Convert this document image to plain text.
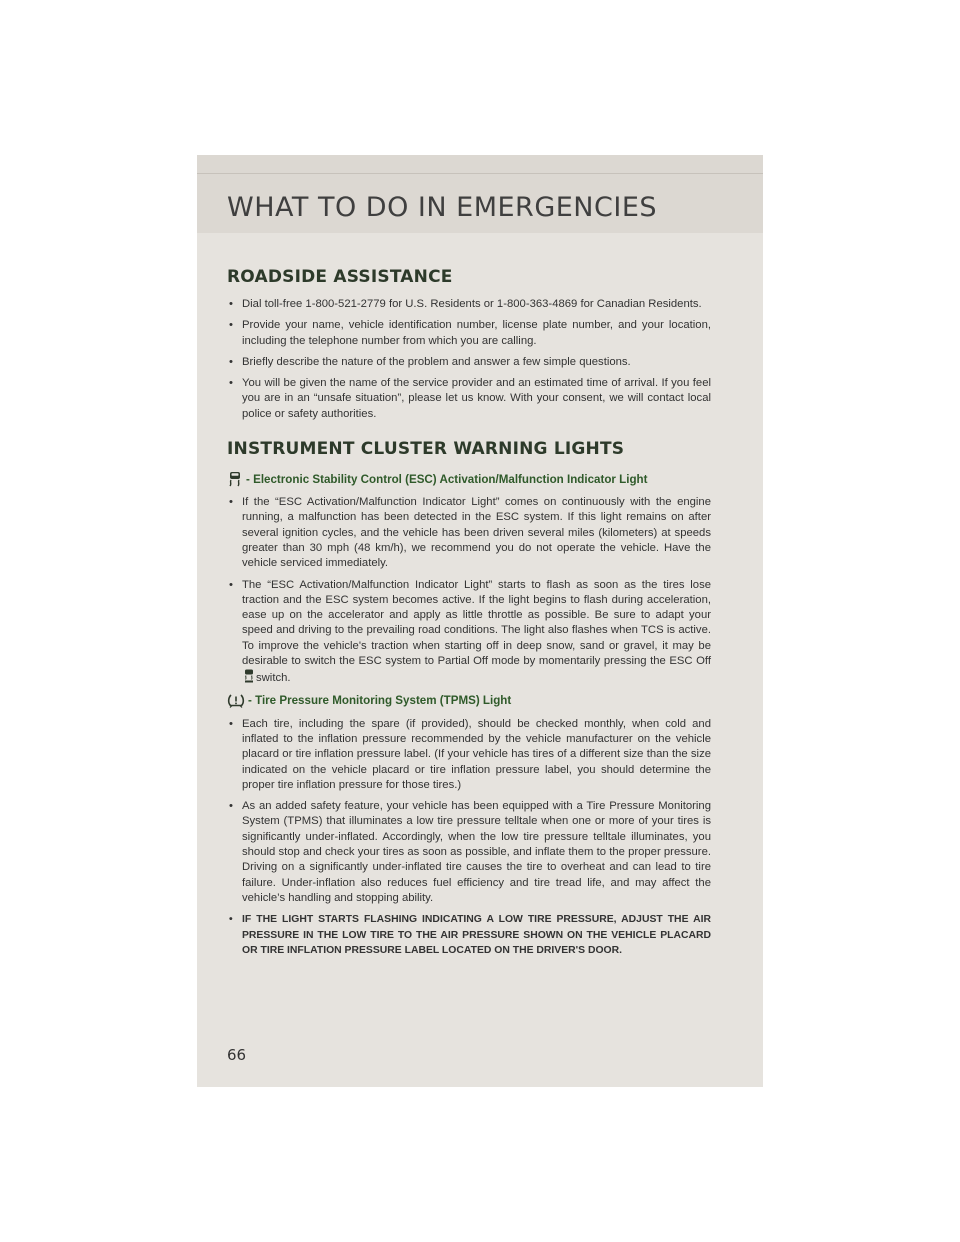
WHAT TO DO IN EMERGENCIES
ROADSIDE ASSISTANCE
• Dial toll-free 1-800-521-2779 for U.S. Residents or 1-800-363-4869 for Canadian Residents.
• Provide your name, vehicle identification number, license plate number, and your location, including the telephone number from which you are calling.
• Briefly describe the nature of the problem and answer a few simple questions.
• You will be given the name of the service provider and an estimated time of arrival. If you feel you are in an “unsafe situation”, please let us know. With your consent, we will contact local police or safety authorities.
INSTRUMENT CLUSTER WARNING LIGHTS
- Electronic Stability Control (ESC) Activation/Malfunction Indicator Light
• If the “ESC Activation/Malfunction Indicator Light” comes on continuously with the engine running, a malfunction has been detected in the ESC system. If this light remains on after several ignition cycles, and the vehicle has been driven several miles (kilometers) at speeds greater than 30 mph (48 km/h), we recommend you do not operate the vehicle. Have the vehicle serviced immediately.
• The “ESC Activation/Malfunction Indicator Light” starts to flash as soon as the tires lose traction and the ESC system becomes active. If the light begins to flash during acceleration, ease up on the accelerator and apply as little throttle as possible. Be sure to adapt your speed and driving to the prevailing road conditions. The light also flashes when TCS is active. To improve the vehicle's traction when starting off in deep snow, sand or gravel, it may be desirable to switch the ESC system to Partial Off mode by momentarily pressing the ESC Off switch.
- Tire Pressure Monitoring System (TPMS) Light
• Each tire, including the spare (if provided), should be checked monthly, when cold and inflated to the inflation pressure recommended by the vehicle manufacturer on the vehicle placard or tire inflation pressure label. (If your vehicle has tires of a different size than the size indicated on the vehicle placard or tire inflation pressure label, you should determine the proper tire inflation pressure for those tires.)
• As an added safety feature, your vehicle has been equipped with a Tire Pressure Monitoring System (TPMS) that illuminates a low tire pressure telltale when one or more of your tires is significantly under-inflated. Accordingly, when the low tire pressure telltale illuminates, you should stop and check your tires as soon as possible, and inflate them to the proper pressure. Driving on a significantly under-inflated tire causes the tire to overheat and can lead to tire failure. Under-inflation also reduces fuel efficiency and tire tread life, and may affect the vehicle’s handling and stopping ability.
• IF THE LIGHT STARTS FLASHING INDICATING A LOW TIRE PRESSURE, ADJUST THE AIR PRESSURE IN THE LOW TIRE TO THE AIR PRESSURE SHOWN ON THE VEHICLE PLACARD OR TIRE INFLATION PRESSURE LABEL LOCATED ON THE DRIVER'S DOOR.
66
